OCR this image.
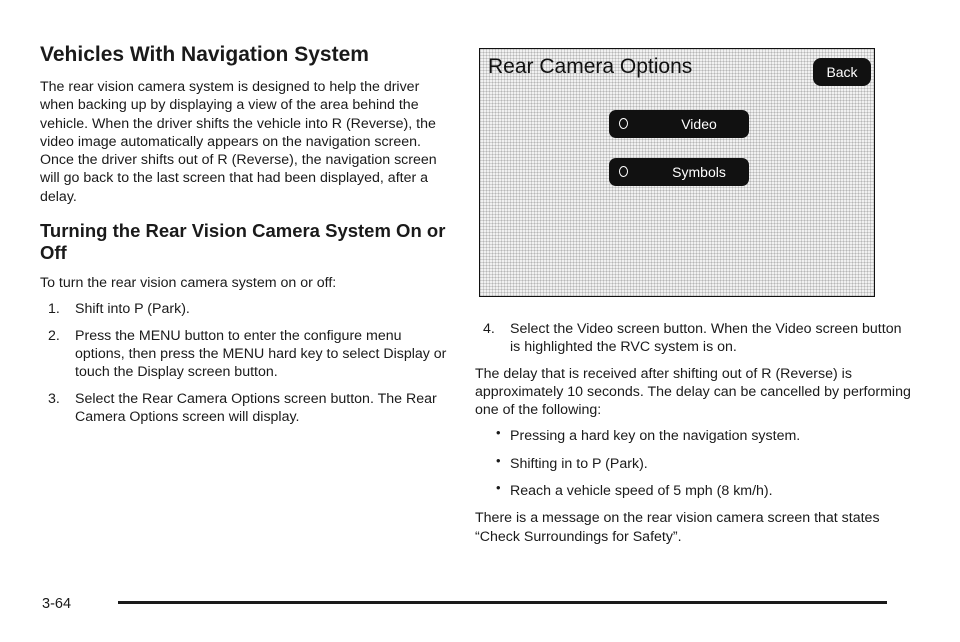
Vehicles With Navigation System

The rear vision camera system is designed to help the driver when backing up by displaying a view of the area behind the vehicle. When the driver shifts the vehicle into R (Reverse), the video image automatically appears on the navigation screen. Once the driver shifts out of R (Reverse), the navigation screen will go back to the last screen that had been displayed, after a delay.

Turning the Rear Vision Camera System On or Off

To turn the rear vision camera system on or off:

1. Shift into P (Park).
2. Press the MENU button to enter the configure menu options, then press the MENU hard key to select Display or touch the Display screen button.
3. Select the Rear Camera Options screen button. The Rear Camera Options screen will display.
Rear Camera Options	Back
Video
Symbols
4. Select the Video screen button. When the Video screen button is highlighted the RVC system is on.

The delay that is received after shifting out of R (Reverse) is approximately 10 seconds. The delay can be cancelled by performing one of the following:

• Pressing a hard key on the navigation system.
• Shifting in to P (Park).
• Reach a vehicle speed of 5 mph (8 km/h).

There is a message on the rear vision camera screen that states “Check Surroundings for Safety”.

3-64
